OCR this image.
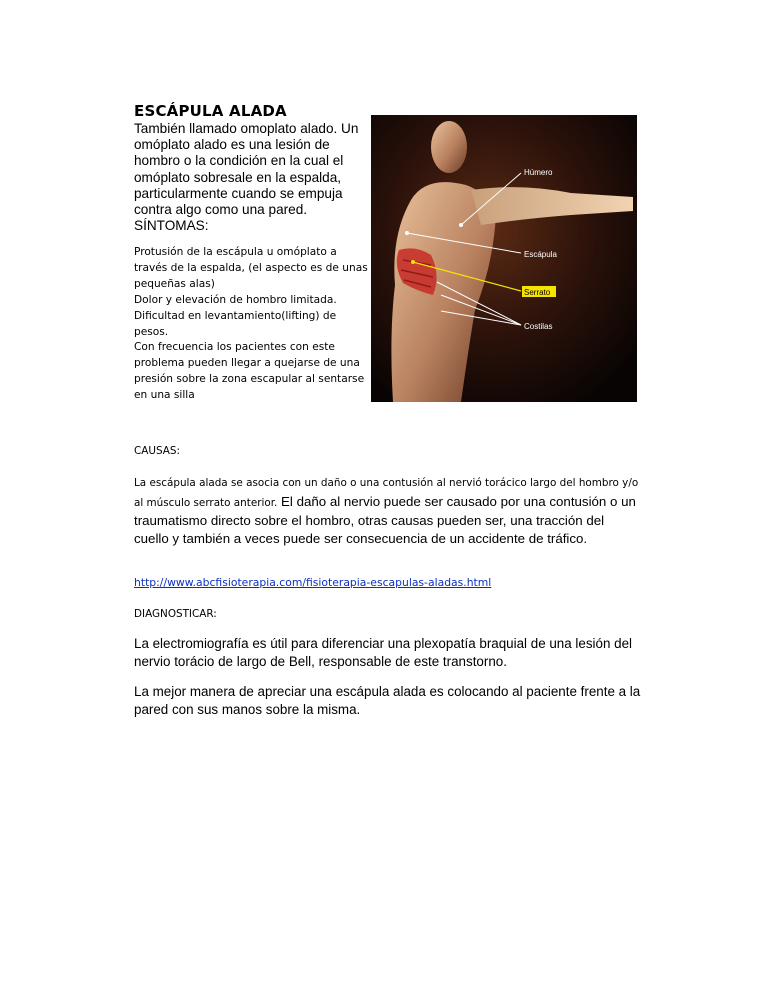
ESCÁPULA ALADA
También llamado omoplato alado. Un omóplato alado es una lesión de hombro o la condición en la cual el omóplato sobresale en la espalda, particularmente cuando se empuja contra algo como una pared. SÍNTOMAS:
Protusión de la escápula u omóplato a través de la espalda, (el aspecto es de unas pequeñas alas)
Dolor y elevación de hombro limitada.
Dificultad en levantamiento(lifting) de pesos.
Con frecuencia los pacientes con este problema pueden llegar a quejarse de una presión sobre la zona escapular al sentarse en una silla
Húmero
Escápula
Serrato
Costilas
CAUSAS:
La escápula alada se asocia con un daño o una contusión al nervió torácico largo del hombro y/o al músculo serrato anterior. El daño al nervio puede ser causado por una contusión o un traumatismo directo sobre el hombro, otras causas pueden ser, una tracción del cuello y también a veces puede ser consecuencia de un accidente de tráfico.
http://www.abcfisioterapia.com/fisioterapia-escapulas-aladas.html
DIAGNOSTICAR:
La electromiografía es útil para diferenciar una plexopatía braquial de una lesión del nervio torácio de largo de Bell, responsable de este transtorno.
La mejor manera de apreciar una escápula alada es colocando al paciente frente a la pared con sus manos sobre la misma.
